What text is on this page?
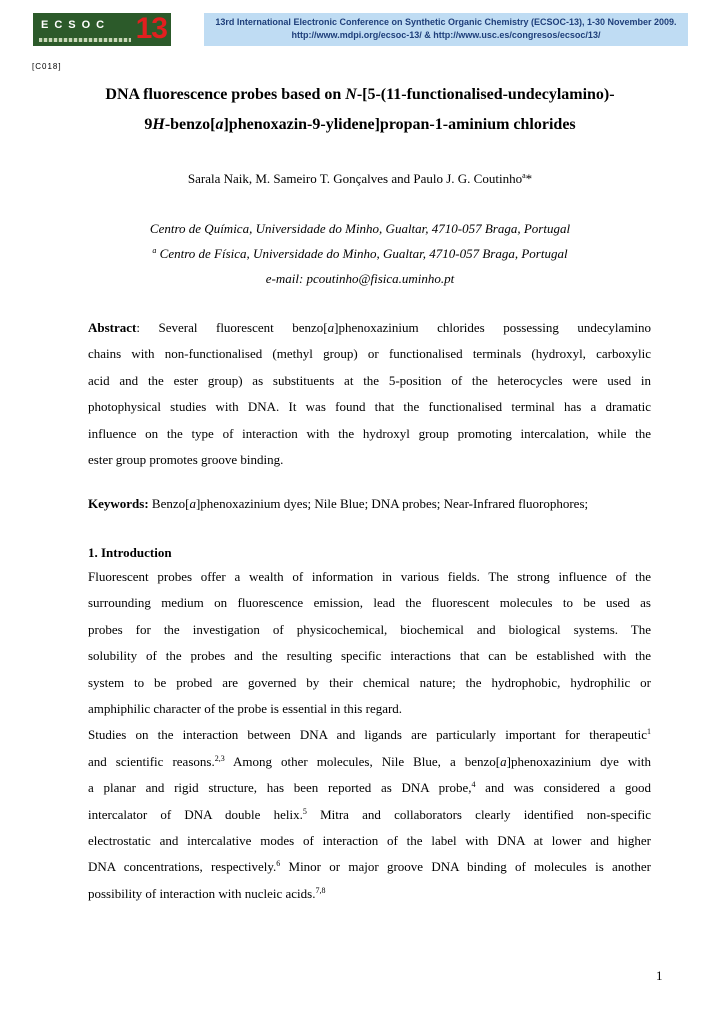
ECSOC 13	13rd International Electronic Conference on Synthetic Organic Chemistry (ECSOC-13), 1-30 November 2009.
http://www.mdpi.org/ecsoc-13/ & http://www.usc.es/congresos/ecsoc/13/
[C018]
DNA fluorescence probes based on N-[5-(11-functionalised-undecylamino)-
9H-benzo[a]phenoxazin-9-ylidene]propan-1-aminium chlorides
Sarala Naik, M. Sameiro T. Gonçalves and Paulo J. G. Coutinho$^a$*
Centro de Química, Universidade do Minho, Gualtar, 4710-057 Braga, Portugal
$^a$ Centro de Física, Universidade do Minho, Gualtar, 4710-057 Braga, Portugal
e-mail: pcoutinho@fisica.uminho.pt
Abstract: Several fluorescent benzo[a]phenoxazinium chlorides possessing undecylamino
chains with non-functionalised (methyl group) or functionalised terminals (hydroxyl, carboxylic
acid and the ester group) as substituents at the 5-position of the heterocycles were used in
photophysical studies with DNA. It was found that the functionalised terminal has a dramatic
influence on the type of interaction with the hydroxyl group promoting intercalation, while the
ester group promotes groove binding.
Keywords: Benzo[a]phenoxazinium dyes; Nile Blue; DNA probes; Near-Infrared fluorophores;
1. Introduction
Fluorescent probes offer a wealth of information in various fields. The strong influence of the
surrounding medium on fluorescence emission, lead the fluorescent molecules to be used as
probes for the investigation of physicochemical, biochemical and biological systems. The
solubility of the probes and the resulting specific interactions that can be established with the
system to be probed are governed by their chemical nature; the hydrophobic, hydrophilic or
amphiphilic character of the probe is essential in this regard.
Studies on the interaction between DNA and ligands are particularly important for therapeutic$^1$
and scientific reasons.$^{2,3}$ Among other molecules, Nile Blue, a benzo[a]phenoxazinium dye with
a planar and rigid structure, has been reported as DNA probe,$^4$ and was considered a good
intercalator of DNA double helix.$^5$ Mitra and collaborators clearly identified non-specific
electrostatic and intercalative modes of interaction of the label with DNA at lower and higher
DNA concentrations, respectively.$^6$ Minor or major groove DNA binding of molecules is another
possibility of interaction with nucleic acids.$^{7,8}$
1
